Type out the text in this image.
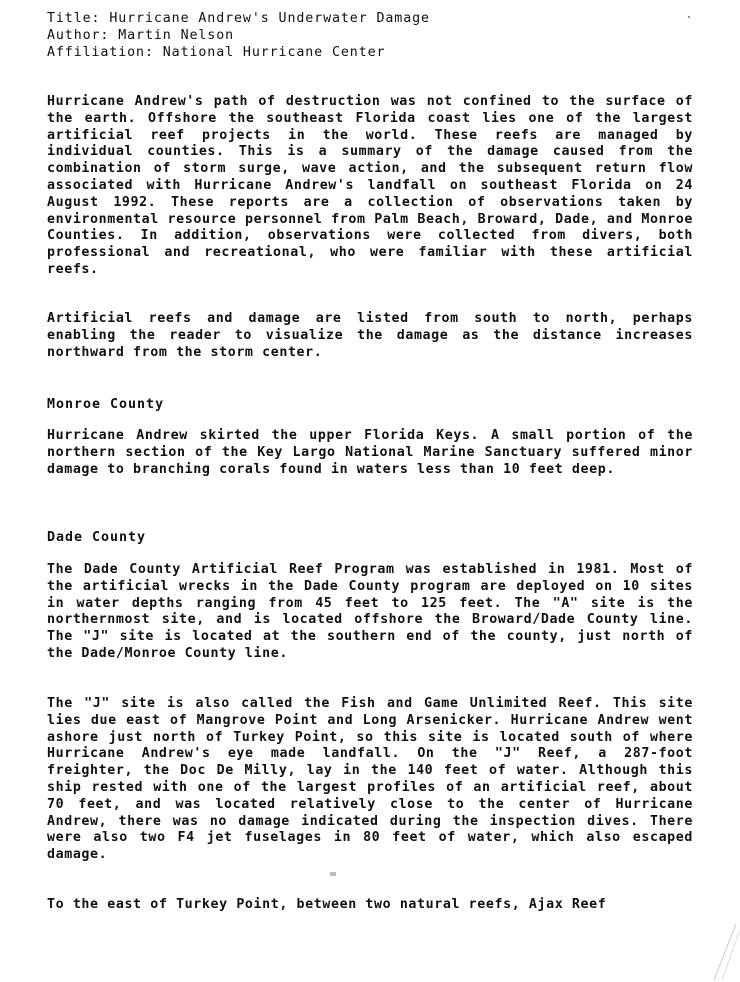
Title: Hurricane Andrew's Underwater Damage
Author: Martin Nelson
Affiliation: National Hurricane Center
Hurricane Andrew's path of destruction was not confined to the surface of the earth. Offshore the southeast Florida coast lies one of the largest artificial reef projects in the world. These reefs are managed by individual counties. This is a summary of the damage caused from the combination of storm surge, wave action, and the subsequent return flow associated with Hurricane Andrew's landfall on southeast Florida on 24 August 1992. These reports are a collection of observations taken by environmental resource personnel from Palm Beach, Broward, Dade, and Monroe Counties. In addition, observations were collected from divers, both professional and recreational, who were familiar with these artificial reefs.
Artificial reefs and damage are listed from south to north, perhaps enabling the reader to visualize the damage as the distance increases northward from the storm center.
Monroe County
Hurricane Andrew skirted the upper Florida Keys. A small portion of the northern section of the Key Largo National Marine Sanctuary suffered minor damage to branching corals found in waters less than 10 feet deep.
Dade County
The Dade County Artificial Reef Program was established in 1981. Most of the artificial wrecks in the Dade County program are deployed on 10 sites in water depths ranging from 45 feet to 125 feet. The "A" site is the northernmost site, and is located offshore the Broward/Dade County line. The "J" site is located at the southern end of the county, just north of the Dade/Monroe County line.
The "J" site is also called the Fish and Game Unlimited Reef. This site lies due east of Mangrove Point and Long Arsenicker. Hurricane Andrew went ashore just north of Turkey Point, so this site is located south of where Hurricane Andrew's eye made landfall. On the "J" Reef, a 287-foot freighter, the Doc De Milly, lay in the 140 feet of water. Although this ship rested with one of the largest profiles of an artificial reef, about 70 feet, and was located relatively close to the center of Hurricane Andrew, there was no damage indicated during the inspection dives. There were also two F4 jet fuselages in 80 feet of water, which also escaped damage.
To the east of Turkey Point, between two natural reefs, Ajax Reef
